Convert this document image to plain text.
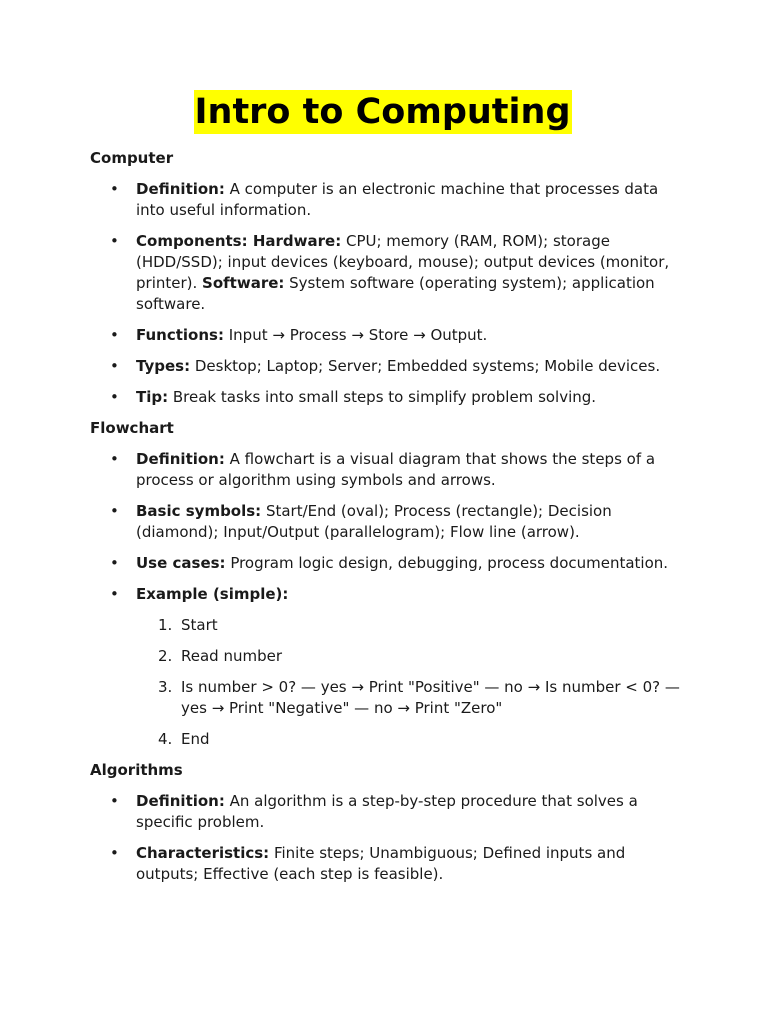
Intro to Computing
Computer
• Definition: A computer is an electronic machine that processes data into useful information.
• Components: Hardware: CPU; memory (RAM, ROM); storage (HDD/SSD); input devices (keyboard, mouse); output devices (monitor, printer). Software: System software (operating system); application software.
• Functions: Input → Process → Store → Output.
• Types: Desktop; Laptop; Server; Embedded systems; Mobile devices.
• Tip: Break tasks into small steps to simplify problem solving.
Flowchart
• Definition: A flowchart is a visual diagram that shows the steps of a process or algorithm using symbols and arrows.
• Basic symbols: Start/End (oval); Process (rectangle); Decision (diamond); Input/Output (parallelogram); Flow line (arrow).
• Use cases: Program logic design, debugging, process documentation.
• Example (simple):
1. Start
2. Read number
3. Is number > 0? — yes → Print "Positive" — no → Is number < 0? — yes → Print "Negative" — no → Print "Zero"
4. End
Algorithms
• Definition: An algorithm is a step-by-step procedure that solves a specific problem.
• Characteristics: Finite steps; Unambiguous; Defined inputs and outputs; Effective (each step is feasible).
